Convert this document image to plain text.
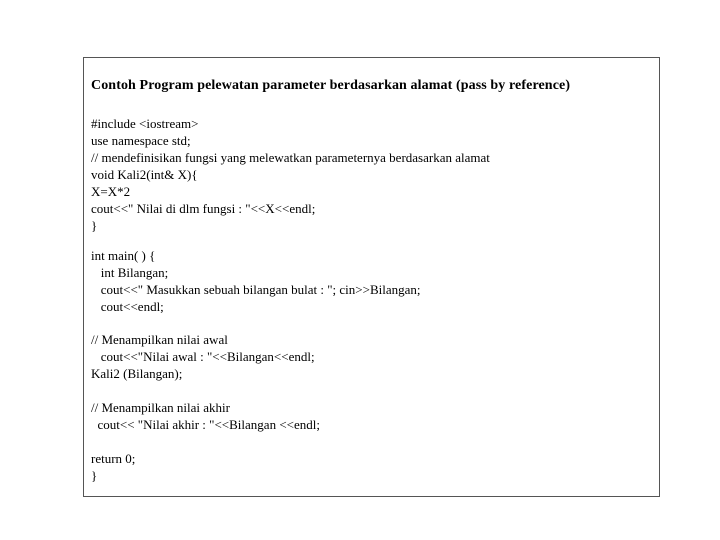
Contoh Program pelewatan parameter berdasarkan alamat (pass by reference)
#include <iostream>
use namespace std;
// mendefinisikan fungsi yang melewatkan parameternya berdasarkan alamat
void Kali2(int& X){
X=X*2
cout<<" Nilai di dlm fungsi : "<<X<<endl;
}
int main( ) {
int Bilangan;
cout<<" Masukkan sebuah bilangan bulat : "; cin>>Bilangan;
cout<<endl;
// Menampilkan nilai awal
cout<<"Nilai awal : "<<Bilangan<<endl;
Kali2 (Bilangan);
// Menampilkan nilai akhir
cout<< "Nilai akhir : "<<Bilangan <<endl;
return 0;
}
